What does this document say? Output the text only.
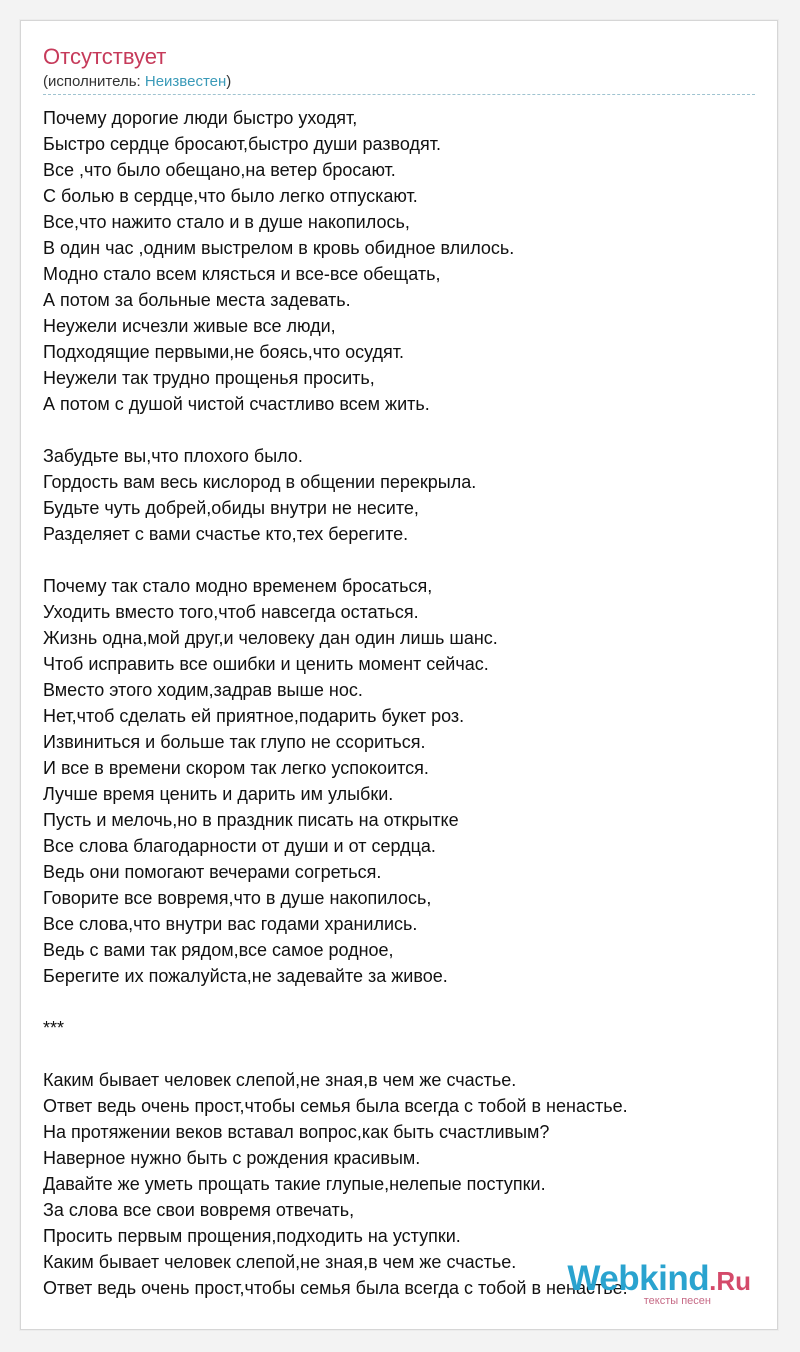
Отсутствует
(исполнитель: Неизвестен)
Почему дорогие люди быстро уходят,
Быстро сердце бросают,быстро души разводят.
Все ,что было обещано,на ветер бросают.
С болью в сердце,что было легко отпускают.
Все,что нажито стало и в душе накопилось,
В один час ,одним выстрелом в кровь обидное влилось.
Модно стало всем клясться и все-все обещать,
А потом за больные места задевать.
Неужели исчезли живые все люди,
Подходящие первыми,не боясь,что осудят.
Неужели так трудно прощенья просить,
А потом с душой чистой счастливо всем жить.
Забудьте вы,что плохого было.
Гордость вам весь кислород в общении перекрыла.
Будьте чуть добрей,обиды внутри не несите,
Разделяет с вами счастье кто,тех берегите.
Почему так стало модно временем бросаться,
Уходить вместо того,чтоб навсегда остаться.
Жизнь одна,мой друг,и человеку дан один лишь шанс.
Чтоб исправить все ошибки и ценить момент сейчас.
Вместо этого ходим,задрав выше нос.
Нет,чтоб сделать ей приятное,подарить букет роз.
Извиниться и больше так глупо не ссориться.
И все в времени скором так легко успокоится.
Лучше время ценить и дарить им улыбки.
Пусть и мелочь,но в праздник писать на открытке
Все слова благодарности от души и от сердца.
Ведь они помогают вечерами согреться.
Говорите все вовремя,что в душе накопилось,
Все слова,что внутри вас годами хранились.
Ведь с вами так рядом,все самое родное,
Берегите их пожалуйста,не задевайте за живое.
***
Каким бывает человек слепой,не зная,в чем же счастье.
Ответ ведь очень прост,чтобы семья была всегда с тобой в ненастье.
На протяжении веков вставал вопрос,как быть счастливым?
Наверное нужно быть с рождения красивым.
Давайте же уметь прощать такие глупые,нелепые поступки.
За слова все свои вовремя отвечать,
Просить первым прощения,подходить на уступки.
Каким бывает человек слепой,не зная,в чем же счастье.
Ответ ведь очень прост,чтобы семья была всегда с тобой в ненастье.
Webkind.Ru
тексты песен
